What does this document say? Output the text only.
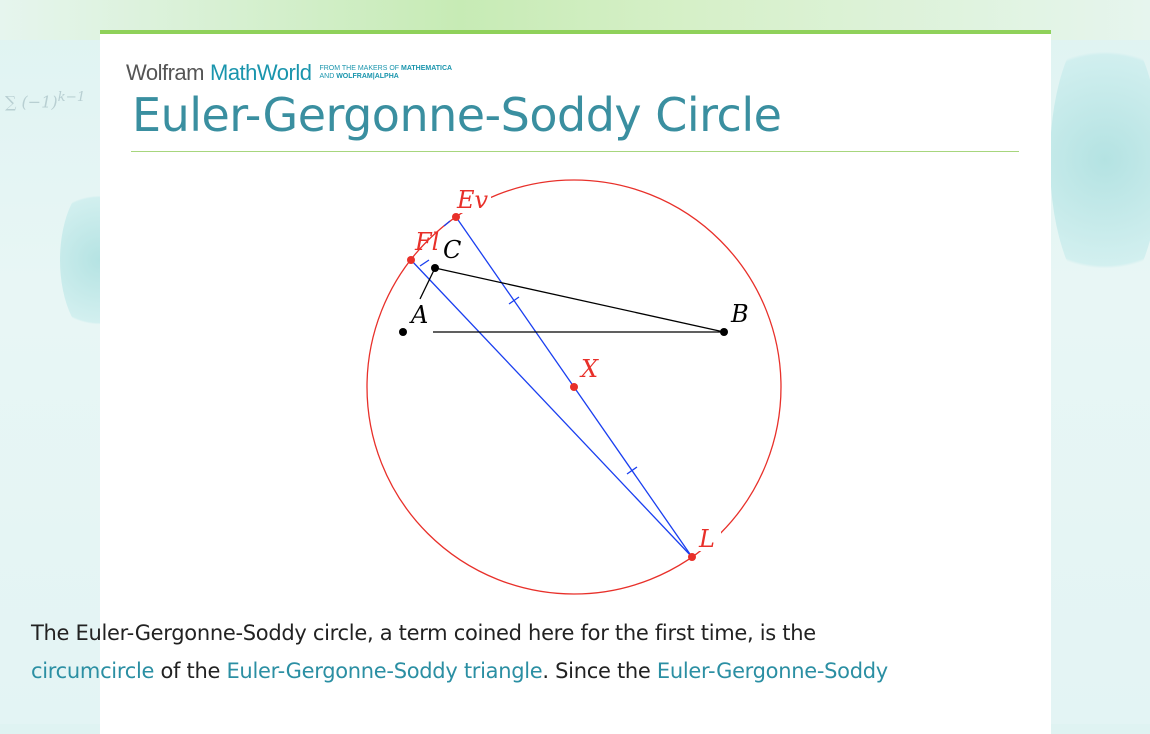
∑ $(-1)^{k-1}$
Wolfram MathWorld FROM THE MAKERS OF MATHEMATICA
AND WOLFRAM|ALPHA
Euler-Gergonne-Soddy Circle
Ev
Fl C
A	B
X
L
The Euler-Gergonne-Soddy circle, a term coined here for the first time, is the circumcircle of the Euler-Gergonne-Soddy triangle. Since the Euler-Gergonne-Soddy
